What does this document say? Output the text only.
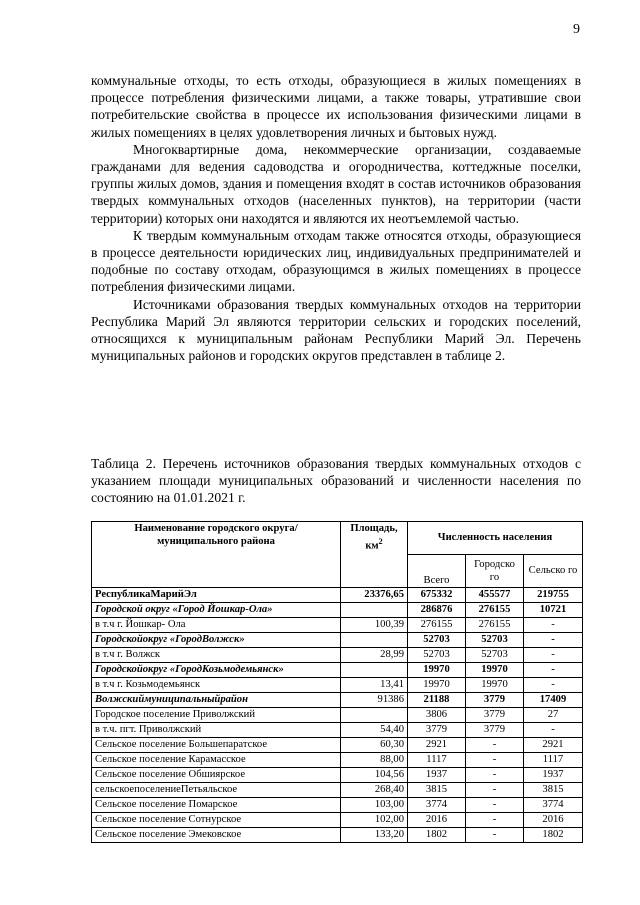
9

коммунальные отходы, то есть отходы, образующиеся в жилых помещениях в процессе потребления физическими лицами, а также товары, утратившие свои потребительские свойства в процессе их использования физическими лицами в жилых помещениях в целях удовлетворения личных и бытовых нужд.

Многоквартирные дома, некоммерческие организации, создаваемые гражданами для ведения садоводства и огородничества, коттеджные поселки, группы жилых домов, здания и помещения входят в состав источников образования твердых коммунальных отходов (населенных пунктов), на территории (части территории) которых они находятся и являются их неотъемлемой частью.

К твердым коммунальным отходам также относятся отходы, образующиеся в процессе деятельности юридических лиц, индивидуальных предпринимателей и подобные по составу отходам, образующимся в жилых помещениях в процессе потребления физическими лицами.

Источниками образования твердых коммунальных отходов на территории Республика Марий Эл являются территории сельских и городских поселений, относящихся к муниципальным районам Республики Марий Эл. Перечень муниципальных районов и городских округов представлен в таблице 2.

Таблица 2. Перечень источников образования твердых коммунальных отходов с указанием площади муниципальных образований и численности населения по состоянию на 01.01.2021 г.

Наименование городского округа/ муниципального района	Площадь, $км^2$	Численность населения		
		Всего	Городско го	Сельско го
РеспубликаМарийЭл	23376,65	675332	455577	219755
Городской округ «Город Йошкар-Ола»		286876	276155	10721
в т.ч г. Йошкар- Ола	100,39	276155	276155	-
Городскойокруг «ГородВолжск»		52703	52703	-
в т.ч г. Волжск	28,99	52703	52703	-
Городскойокруг «ГородКозьмодемьянск»		19970	19970	-
в т.ч г. Козьмодемьянск	13,41	19970	19970	-
Волжскиймуниципальныйрайон	91386	21188	3779	17409
Городское поселение Приволжский		3806	3779	27
в т.ч. пгт. Приволжский	54,40	3779	3779	-
Сельское поселение Большепаратское	60,30	2921	-	2921
Сельское поселение Карамасское	88,00	1117	-	1117
Сельское поселение Обшиярское	104,56	1937	-	1937
сельскоепоселениеПетьяльское	268,40	3815	-	3815
Сельское поселение Помарское	103,00	3774	-	3774
Сельское поселение Сотнурское	102,00	2016	-	2016
Сельское поселение Эмековское	133,20	1802	-	1802
